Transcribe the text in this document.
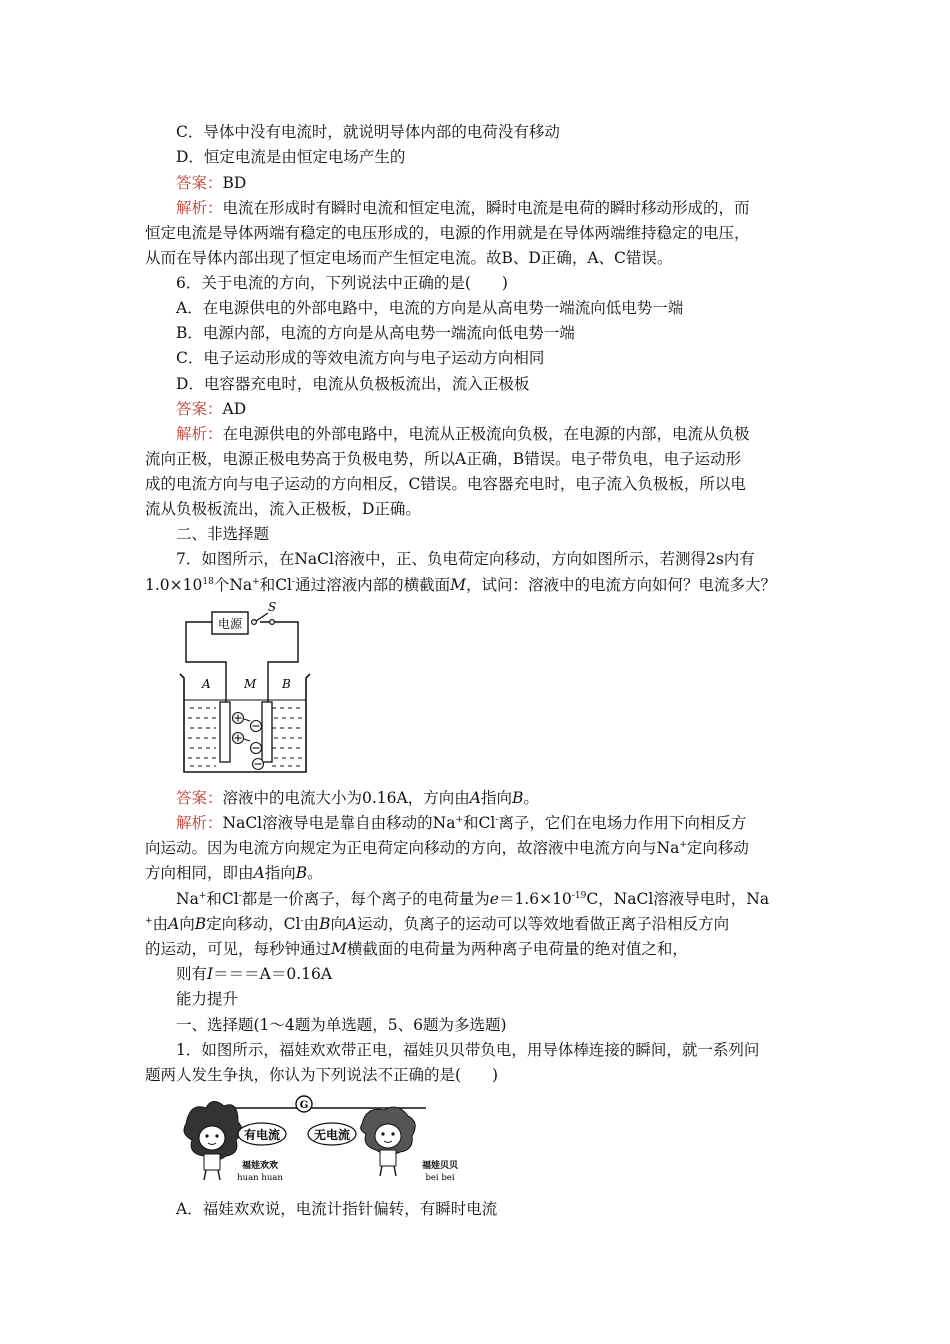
C．导体中没有电流时，就说明导体内部的电荷没有移动
D．恒定电流是由恒定电场产生的
答案：BD
解析：电流在形成时有瞬时电流和恒定电流，瞬时电流是电荷的瞬时移动形成的，而
恒定电流是导体两端有稳定的电压形成的，电源的作用就是在导体两端维持稳定的电压，
从而在导体内部出现了恒定电场而产生恒定电流。故B、D正确，A、C错误。
6．关于电流的方向，下列说法中正确的是(　　)
A．在电源供电的外部电路中，电流的方向是从高电势一端流向低电势一端
B．电源内部，电流的方向是从高电势一端流向低电势一端
C．电子运动形成的等效电流方向与电子运动方向相同
D．电容器充电时，电流从负极板流出，流入正极板
答案：AD
解析：在电源供电的外部电路中，电流从正极流向负极，在电源的内部，电流从负极
流向正极，电源正极电势高于负极电势，所以A正确，B错误。电子带负电，电子运动形
成的电流方向与电子运动的方向相反，C错误。电容器充电时，电子流入负极板，所以电
流从负极板流出，流入正极板，D正确。
二、非选择题
7．如图所示，在NaCl溶液中，正、负电荷定向移动，方向如图所示，若测得2s内有
$1.0\times 10^{18}$个Na+和Cl-通过溶液内部的横截面M，试问：溶液中的电流方向如何？电流多大？
电源
S
A	M B
答案：溶液中的电流大小为0.16A，方向由A指向B。
解析：NaCl溶液导电是靠自由移动的Na+和Cl-离子，它们在电场力作用下向相反方
向运动。因为电流方向规定为正电荷定向移动的方向，故溶液中电流方向与Na+定向移动
方向相同，即由A指向B。
Na+和Cl-都是一价离子，每个离子的电荷量为$e=1.6\times 10^{-19}C$，NaCl溶液导电时，Na
+由A向B定向移动，Cl-由B向A运动，负离子的运动可以等效地看做正离子沿相反方向
的运动，可见，每秒钟通过M横截面的电荷量为两种离子电荷量的绝对值之和，
则有I＝＝＝A＝0.16A
能力提升
一、选择题(1～4题为单选题，5、6题为多选题)
1．如图所示，福娃欢欢带正电，福娃贝贝带负电，用导体棒连接的瞬间，就一系列问
题两人发生争执，你认为下列说法不正确的是(　　)
G
有电流
福娃欢欢
huan huan
无电流
福娃贝贝
bei bei
A．福娃欢欢说，电流计指针偏转，有瞬时电流
